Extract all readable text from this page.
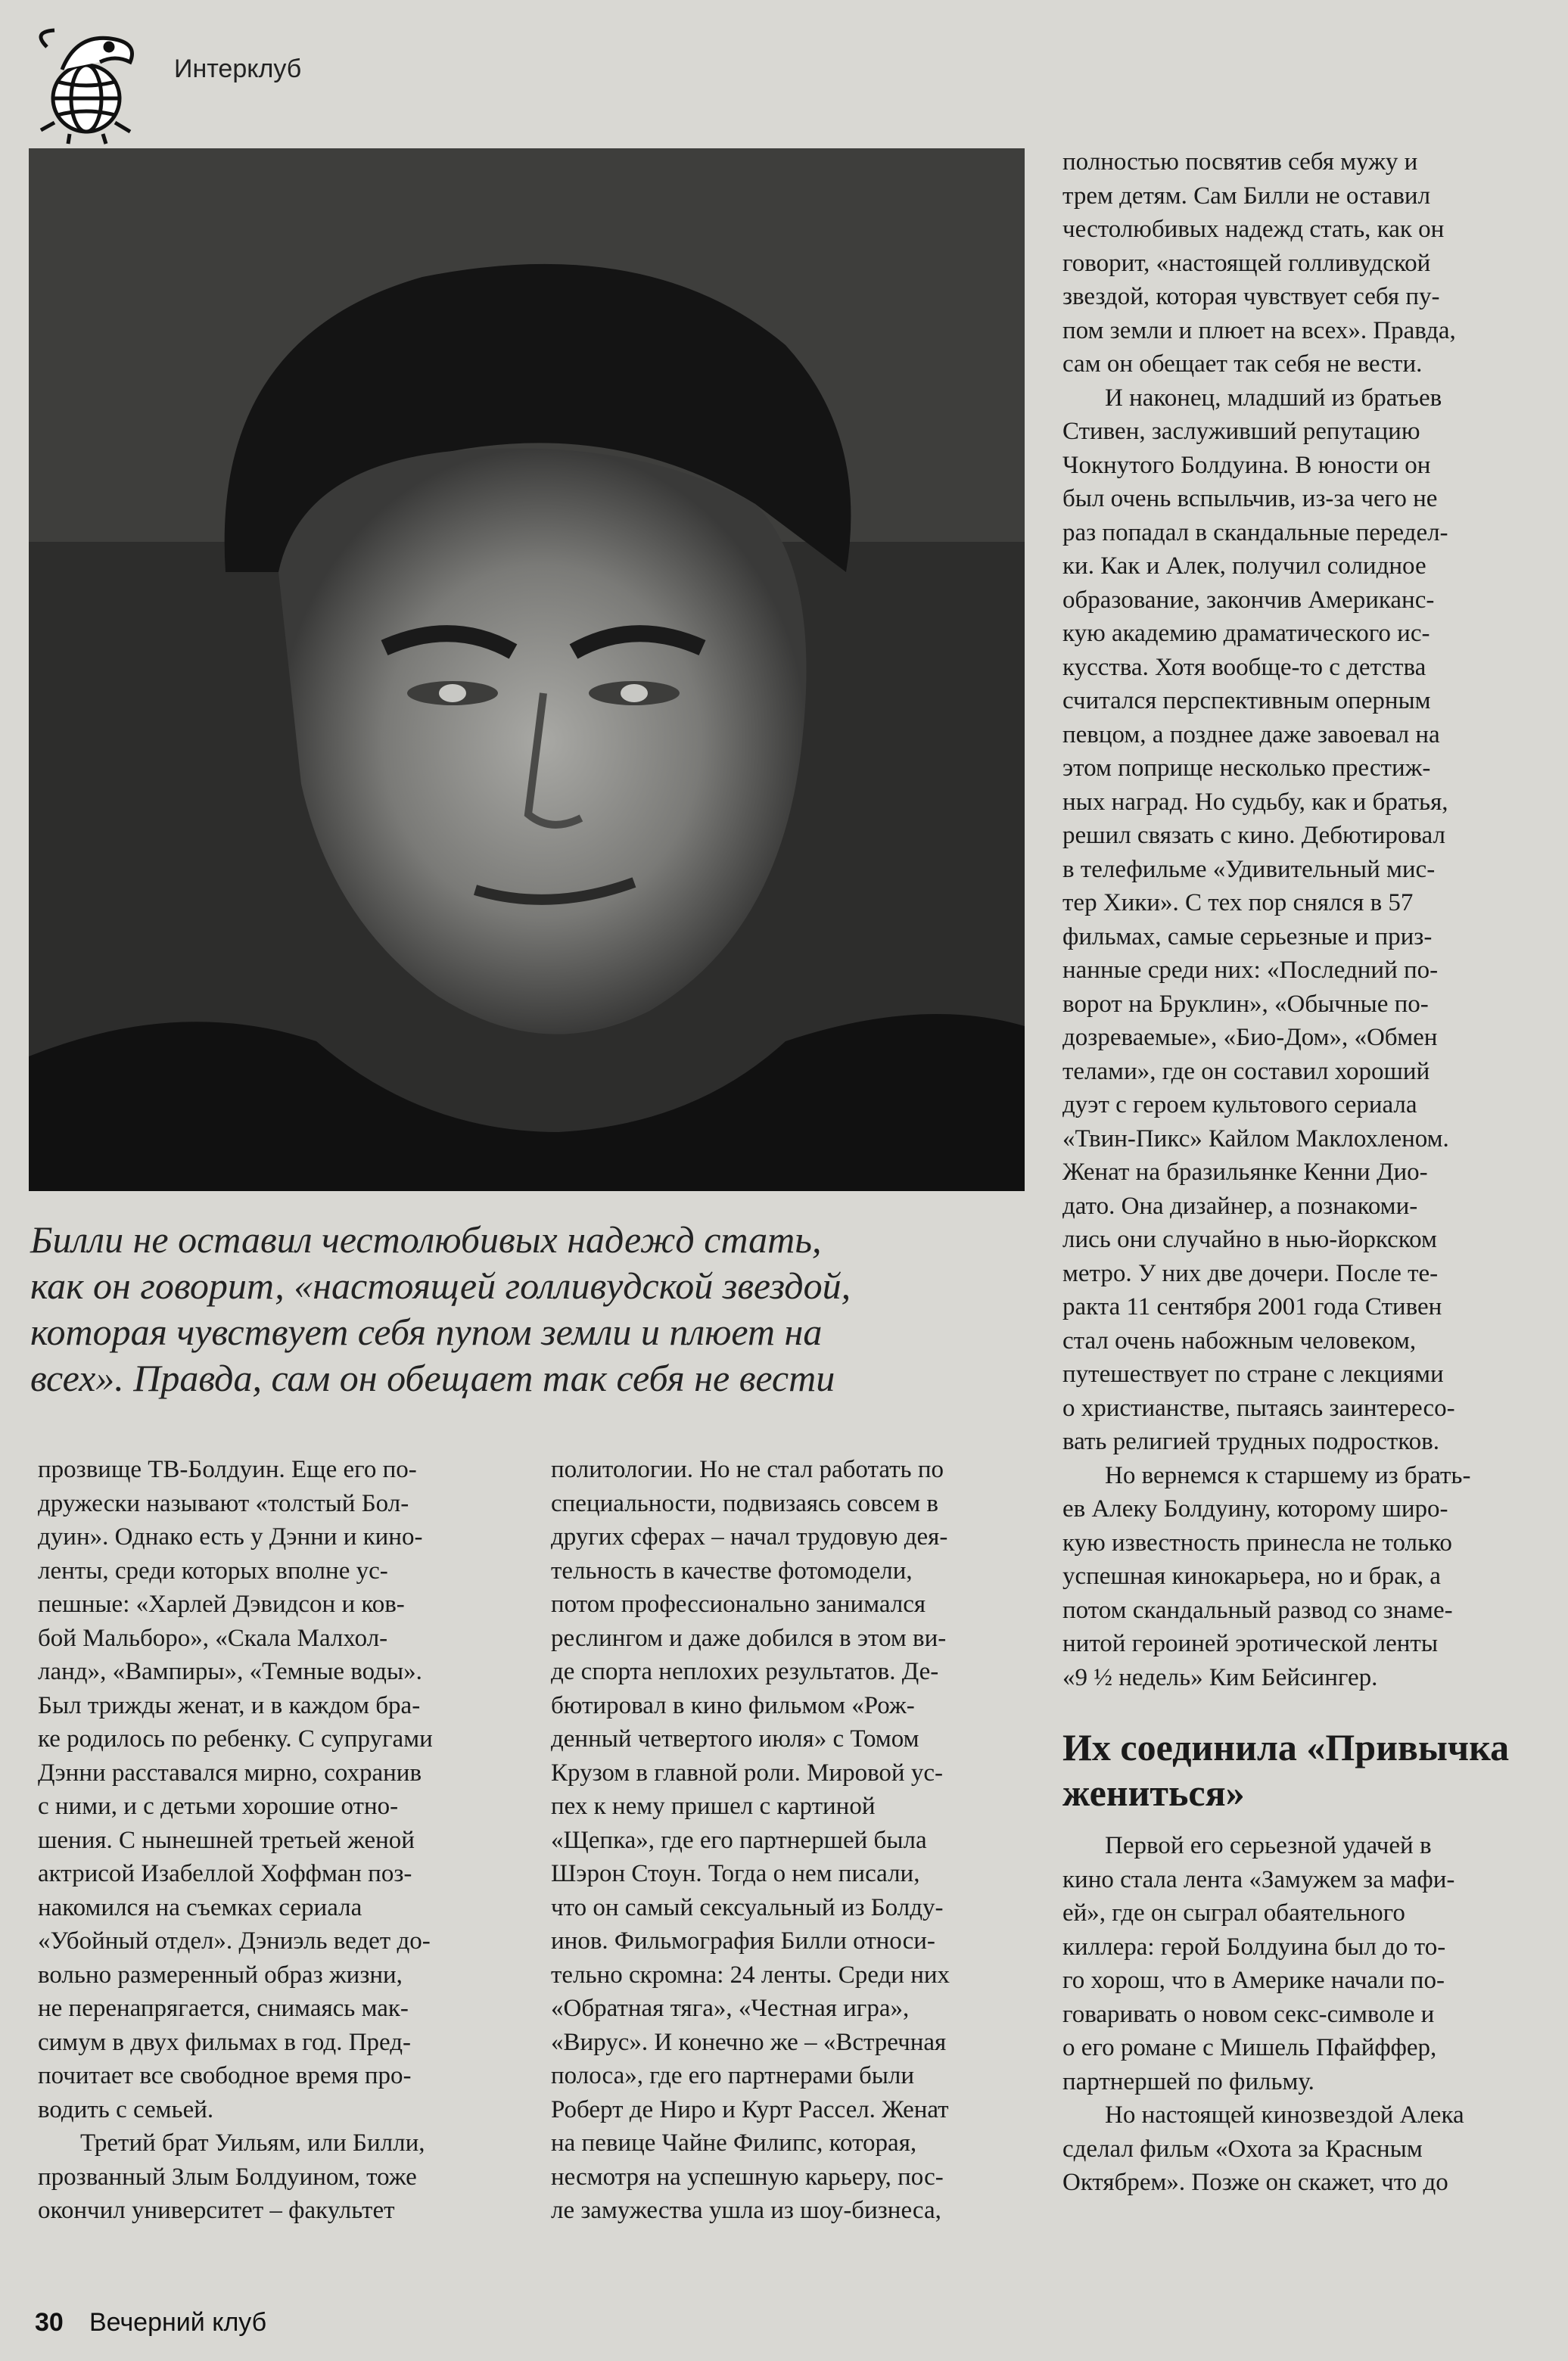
Интерклуб

Билли не оставил честолюбивых надежд стать,

как он говорит, «настоящей голливудской звездой,

которая чувствует себя пупом земли и плюет на

всех». Правда, сам он обещает так себя не вести

прозвище ТВ-Болдуин. Еще его по-
дружески называют «толстый Бол-
дуин». Однако есть у Дэнни и кино-
ленты, среди которых вполне ус-
пешные: «Харлей Дэвидсон и ков-
бой Мальборо», «Скала Малхол-
ланд», «Вампиры», «Темные воды».
Был трижды женат, и в каждом бра-
ке родилось по ребенку. С супругами
Дэнни расставался мирно, сохранив
с ними, и с детьми хорошие отно-
шения. С нынешней третьей женой
актрисой Изабеллой Хоффман поз-
накомился на съемках сериала
«Убойный отдел». Дэниэль ведет до-
вольно размеренный образ жизни,
не перенапрягается, снимаясь мак-
симум в двух фильмах в год. Пред-
почитает все свободное время про-
водить с семьей.

Третий брат Уильям, или Билли,
прозванный Злым Болдуином, тоже
окончил университет – факультет

политологии. Но не стал работать по
специальности, подвизаясь совсем в
других сферах – начал трудовую дея-
тельность в качестве фотомодели,
потом профессионально занимался
реслингом и даже добился в этом ви-
де спорта неплохих результатов. Де-
бютировал в кино фильмом «Рож-
денный четвертого июля» с Томом
Крузом в главной роли. Мировой ус-
пех к нему пришел с картиной
«Щепка», где его партнершей была
Шэрон Стоун. Тогда о нем писали,
что он самый сексуальный из Болду-
инов. Фильмография Билли относи-
тельно скромна: 24 ленты. Среди них
«Обратная тяга», «Честная игра»,
«Вирус». И конечно же – «Встречная
полоса», где его партнерами были
Роберт де Ниро и Курт Рассел. Женат
на певице Чайне Филипс, которая,
несмотря на успешную карьеру, пос-
ле замужества ушла из шоу-бизнеса,

полностью посвятив себя мужу и
трем детям. Сам Билли не оставил
честолюбивых надежд стать, как он
говорит, «настоящей голливудской
звездой, которая чувствует себя пу-
пом земли и плюет на всех». Правда,
сам он обещает так себя не вести.

И наконец, младший из братьев
Стивен, заслуживший репутацию
Чокнутого Болдуина. В юности он
был очень вспыльчив, из-за чего не
раз попадал в скандальные передел-
ки. Как и Алек, получил солидное
образование, закончив Американс-
кую академию драматического ис-
кусства. Хотя вообще-то с детства
считался перспективным оперным
певцом, а позднее даже завоевал на
этом поприще несколько престиж-
ных наград. Но судьбу, как и братья,
решил связать с кино. Дебютировал
в телефильме «Удивительный мис-
тер Хики». С тех пор снялся в 57
фильмах, самые серьезные и приз-
нанные среди них: «Последний по-
ворот на Бруклин», «Обычные по-
дозреваемые», «Био-Дом», «Обмен
телами», где он составил хороший
дуэт с героем культового сериала
«Твин-Пикс» Кайлом Маклохленом.
Женат на бразильянке Кенни Дио-
дато. Она дизайнер, а познакоми-
лись они случайно в нью-йоркском
метро. У них две дочери. После те-
ракта 11 сентября 2001 года Стивен
стал очень набожным человеком,
путешествует по стране с лекциями
о христианстве, пытаясь заинтересо-
вать религией трудных подростков.

Но вернемся к старшему из брать-
ев Алеку Болдуину, которому широ-
кую известность принесла не только
успешная кинокарьера, но и брак, а
потом скандальный развод со знаме-
нитой героиней эротической ленты
«9 ½ недель» Ким Бейсингер.

Их соединила «Привычка
жениться»

Первой его серьезной удачей в
кино стала лента «Замужем за мафи-
ей», где он сыграл обаятельного
киллера: герой Болдуина был до то-
го хорош, что в Америке начали по-
говаривать о новом секс-символе и
о его романе с Мишель Пфайффер,
партнершей по фильму.

Но настоящей кинозвездой Алека
сделал фильм «Охота за Красным
Октябрем». Позже он скажет, что до

30 Вечерний клуб
